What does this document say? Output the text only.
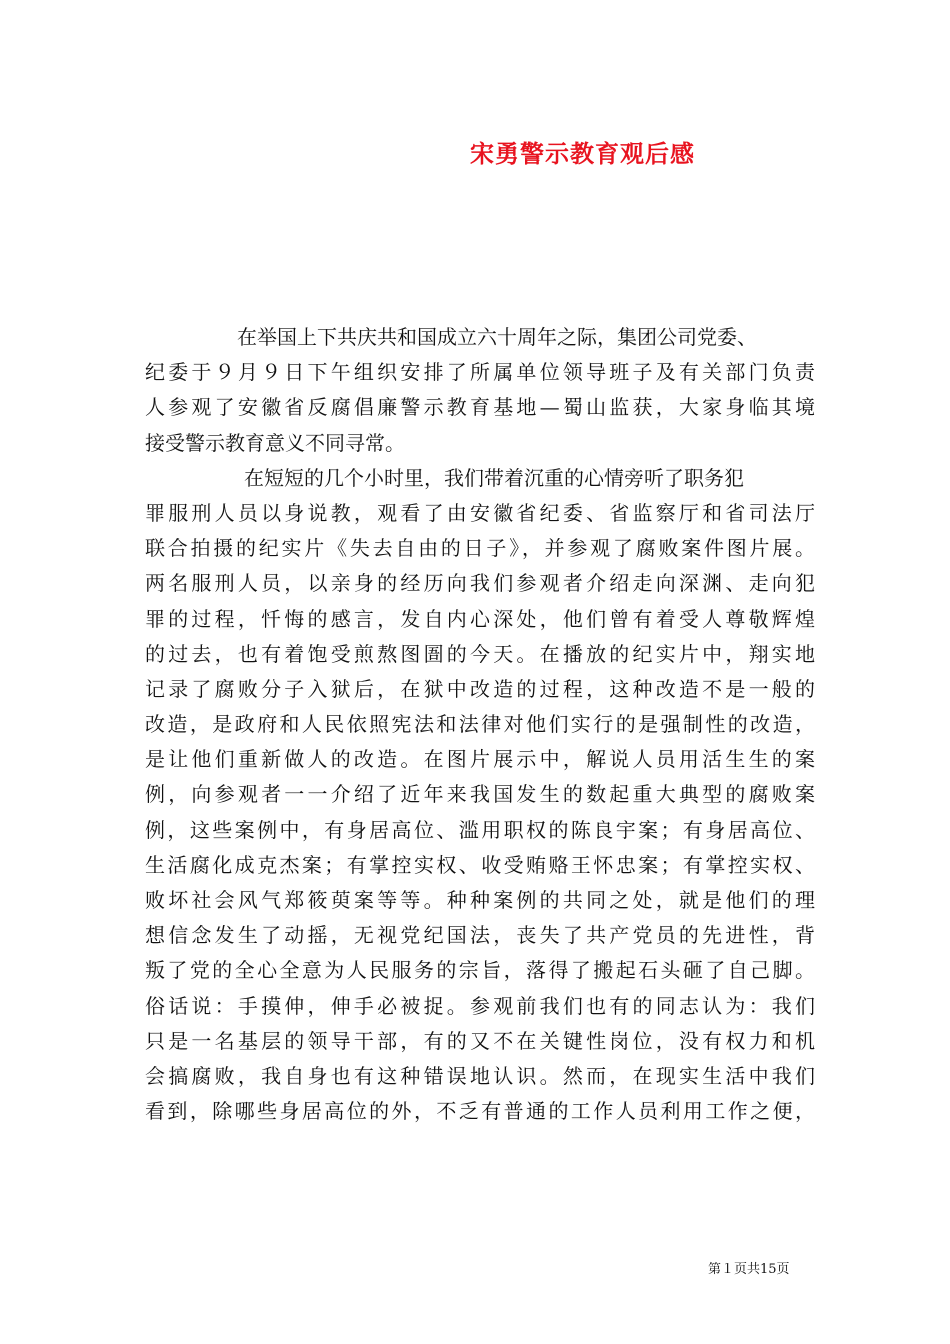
宋勇警示教育观后感

在举国上下共庆共和国成立六十周年之际，集团公司党委、

纪委于９月９日下午组织安排了所属单位领导班子及有关部门负责

人参观了安徽省反腐倡廉警示教育基地—蜀山监获，大家身临其境

接受警示教育意义不同寻常。

在短短的几个小时里，我们带着沉重的心情旁听了职务犯

罪服刑人员以身说教，观看了由安徽省纪委、省监察厅和省司法厅

联合拍摄的纪实片《失去自由的日子》，并参观了腐败案件图片展。

两名服刑人员，以亲身的经历向我们参观者介绍走向深渊、走向犯

罪的过程，忏悔的感言，发自内心深处，他们曾有着受人尊敬辉煌

的过去，也有着饱受煎熬图圄的今天。在播放的纪实片中，翔实地

记录了腐败分子入狱后，在狱中改造的过程，这种改造不是一般的

改造，是政府和人民依照宪法和法律对他们实行的是强制性的改造，

是让他们重新做人的改造。在图片展示中，解说人员用活生生的案

例，向参观者一一介绍了近年来我国发生的数起重大典型的腐败案

例，这些案例中，有身居高位、滥用职权的陈良宇案；有身居高位、

生活腐化成克杰案；有掌控实权、收受贿赂王怀忠案；有掌控实权、

败坏社会风气郑筱萸案等等。种种案例的共同之处，就是他们的理

想信念发生了动摇，无视党纪国法，丧失了共产党员的先进性，背

叛了党的全心全意为人民服务的宗旨，落得了搬起石头砸了自己脚。

俗话说：手摸伸，伸手必被捉。参观前我们也有的同志认为：我们

只是一名基层的领导干部，有的又不在关键性岗位，没有权力和机

会搞腐败，我自身也有这种错误地认识。然而，在现实生活中我们

看到，除哪些身居高位的外，不乏有普通的工作人员利用工作之便，

第１页共15页
